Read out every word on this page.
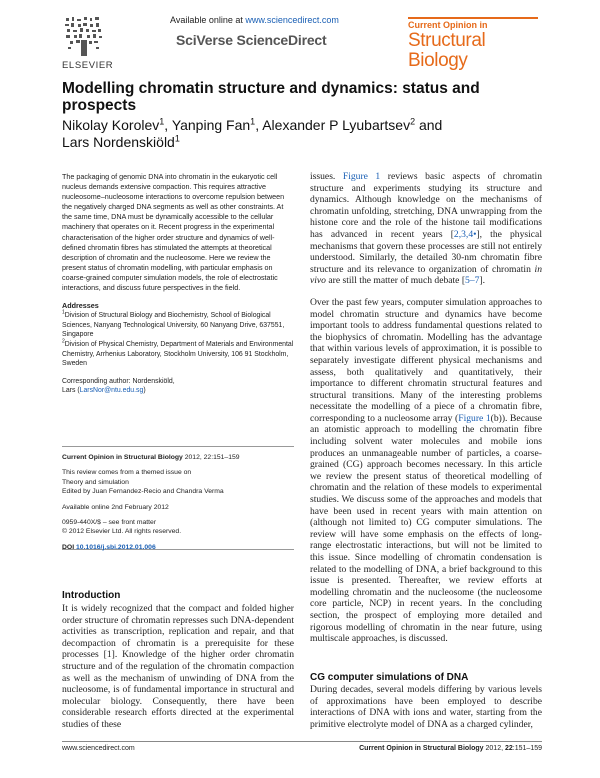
ELSEVIER
Available online at www.sciencedirect.com
SciVerse ScienceDirect
Current Opinion in
Structural Biology
Modelling chromatin structure and dynamics: status and prospects
Nikolay Korolev$^1$, Yanping Fan$^1$, Alexander P Lyubartsev$^2$ and
Lars Nordenskiöld$^1$

The packaging of genomic DNA into chromatin in the eukaryotic cell nucleus demands extensive compaction. This requires attractive nucleosome–nucleosome interactions to overcome repulsion between the negatively charged DNA segments as well as other constraints. At the same time, DNA must be dynamically accessible to the cellular machinery that operates on it. Recent progress in the experimental characterisation of the higher order structure and dynamics of well-defined chromatin fibres has stimulated the attempts at theoretical description of chromatin and the nucleosome. Here we review the present status of chromatin modelling, with particular emphasis on coarse-grained computer simulation models, the role of electrostatic interactions, and discuss future perspectives in the field.

Addresses
$^1$Division of Structural Biology and Biochemistry, School of Biological Sciences, Nanyang Technological University, 60 Nanyang Drive, 637551, Singapore
$^2$Division of Physical Chemistry, Department of Materials and Environmental Chemistry, Arrhenius Laboratory, Stockholm University, 106 91 Stockholm, Sweden
Corresponding author: Nordenskiöld,
Lars (LarsNor@ntu.edu.sg)
Current Opinion in Structural Biology 2012, 22:151–159
This review comes from a themed issue on
Theory and simulation
Edited by Juan Fernandez-Recio and Chandra Verma
Available online 2nd February 2012
0959-440X/$ – see front matter
© 2012 Elsevier Ltd. All rights reserved.
DOI 10.1016/j.sbi.2012.01.006
Introduction

It is widely recognized that the compact and folded higher order structure of chromatin represses such DNA-dependent activities as transcription, replication and repair, and that decompaction of chromatin is a prerequisite for these processes [1]. Knowledge of the higher order chromatin structure and of the regulation of the chromatin compaction as well as the mechanism of unwinding of DNA from the nucleosome, is of fundamental importance in structural and molecular biology. Consequently, there have been considerable research efforts directed at the experimental studies of these

issues. Figure 1 reviews basic aspects of chromatin structure and experiments studying its structure and dynamics. Although knowledge on the mechanisms of chromatin unfolding, stretching, DNA unwrapping from the histone core and the role of the histone tail modifications has advanced in recent years [2,3,4•], the physical mechanisms that govern these processes are still not entirely understood. Similarly, the detailed 30-nm chromatin fibre structure and its relevance to organization of chromatin in vivo are still the matter of much debate [5–7].

Over the past few years, computer simulation approaches to model chromatin structure and dynamics have become important tools to address fundamental questions related to the biophysics of chromatin. Modelling has the advantage that within various levels of approximation, it is possible to separately investigate different physical mechanisms and assess, both qualitatively and quantitatively, their importance to different chromatin structural features and structural transitions. Many of the interesting problems necessitate the modelling of a piece of a chromatin fibre, corresponding to a nucleosome array (Figure 1(b)). Because an atomistic approach to modelling the chromatin fibre including solvent water molecules and mobile ions produces an unmanageable number of particles, a coarse-grained (CG) approach becomes necessary. In this article we review the present status of theoretical modelling of chromatin and the relation of these models to experimental studies. We discuss some of the approaches and models that have been used in recent years with main attention on (although not limited to) CG computer simulations. The review will have some emphasis on the effects of long-range electrostatic interactions, but will not be limited to this issue. Since modelling of chromatin condensation is related to the modelling of DNA, a brief background to this issue is presented. Thereafter, we review efforts at modelling chromatin and the nucleosome (the nucleosome core particle, NCP) in recent years. In the concluding section, the prospect of employing more detailed and rigorous modelling of chromatin in the near future, using multiscale approaches, is discussed.

CG computer simulations of DNA

During decades, several models differing by various levels of approximations have been employed to describe interactions of DNA with ions and water, starting from the primitive electrolyte model of DNA as a charged cylinder,

www.sciencedirect.com	Current Opinion in Structural Biology 2012, 22:151–159
